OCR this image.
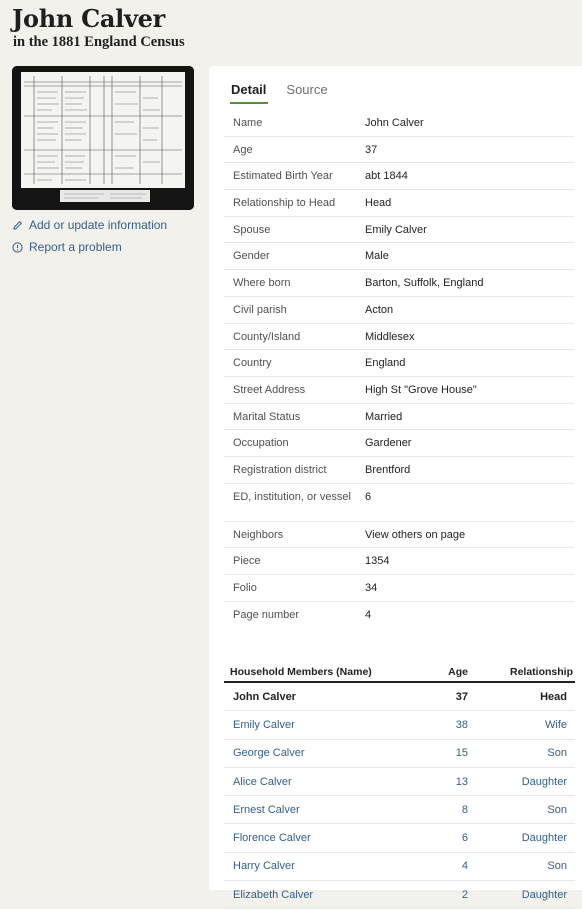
John Calver
in the 1881 England Census
Add or update information
Report a problem
Detail Source
Name	John Calver
Age	37
Estimated Birth Year	abt 1844
Relationship to Head	Head
Spouse	Emily Calver
Gender	Male
Where born	Barton, Suffolk, England
Civil parish	Acton
County/Island	Middlesex
Country	England
Street Address	High St "Grove House"
Marital Status	Married
Occupation	Gardener
Registration district	Brentford
ED, institution, or vessel	6
Neighbors	View others on page
Piece	1354
Folio	34
Page number	4
Household Members (Name)	Age	Relationship
John Calver	37	Head
Emily Calver	38	Wife
George Calver	15	Son
Alice Calver	13	Daughter
Ernest Calver	8	Son
Florence Calver	6	Daughter
Harry Calver	4	Son
Elizabeth Calver	2	Daughter
